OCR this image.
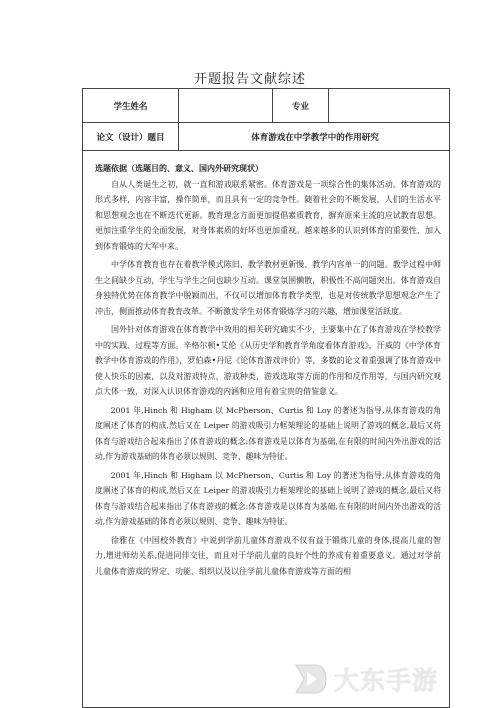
开题报告文献综述
学生姓名	专业
论文（设计）题目	体育游戏在中学教学中的作用研究
选题依据（选题目的、意义、国内外研究现状）

自从人类诞生之初，就一直和游戏联系紧密。体育游戏是一项综合性的集体活动。体育游戏的形式多样，内容丰富，操作简单，而且具有一定的竞争性。随着社会的不断发展，人们的生活水平和思想观念也在不断迭代更新。教育理念方面更加提倡素质教育，摒弃原来主流的应试教育思想。更加注重学生的全面发展，对身体素质的好坏也更加重视。越来越多的认识到体育的重要性，加入到体育锻炼的大军中来。

中学体育教育也存在着教学模式陈旧、教学教材更新慢、教学内容单一的问题。教学过程中师生之间缺少互动，学生与学生之间也缺少互动。课堂氛围懒散，积极性不高问题突出。体育游戏自身独特优势在体育教学中脱颖而出，不仅可以增加体育教学类型，也是对传统教学思想观念产生了冲击，侧面推动体育教育改革。不断激发学生对体育锻炼学习的兴趣，增加课堂活跃度。

国外针对体育游戏在体育教学中效用的相关研究确实不少，主要集中在了体育游戏在学校教学中的实践、过程等方面。辛格尔顿•艾伦《从历史学和教育学角度看体育游戏》，汗威的《中学体育教学中体育游戏的作用》，罗伯森•丹尼《论体育游戏评价》等，多数的论文着重强调了体育游戏中使人快乐的因素，以及对游戏特点，游戏种类，游戏选取等方面的作用和反作用等，与国内研究观点大体一致，对深入认识体育游戏的内涵和应用有着宝贵的借鉴意义。

2001 年,Hinch 和 Higham 以 McPherson、Curtis 和 Loy 的著述为指导,从体育游戏的角度阐述了体育的构成,然后又在 Leiper 的游戏吸引力框架理论的基础上说明了游戏的概念,最后又将体育与游戏结合起来指出了体育游戏的概念:体育游戏是以体育为基础,在有限的时间内外出游戏的活动,作为游戏基础的体育必须以规则、竞争、趣味为特征。

2001 年,Hinch 和 Higham 以 McPherson、Curtis 和 Loy 的著述为指导,从体育游戏的角度阐述了体育的构成,然后又在 Leiper 的游戏吸引力框架理论的基础上说明了游戏的概念,最后又将体育与游戏结合起来指出了体育游戏的概念:体育游戏是以体育为基础,在有限的时间内外出游戏的活动,作为游戏基础的体育必须以规则、竞争、趣味为特征。

徐雅在《中国校外教育》中说到学前儿童体育游戏不仅有益于锻炼儿童的身体,提高儿童的智力,增进师幼关系,促进同伴交往，而且对于学前儿童的良好个性的养成有着重要意义。通过对学前儿童体育游戏的界定、功能、组织以及以往学前儿童体育游戏等方面的相

大东手游
